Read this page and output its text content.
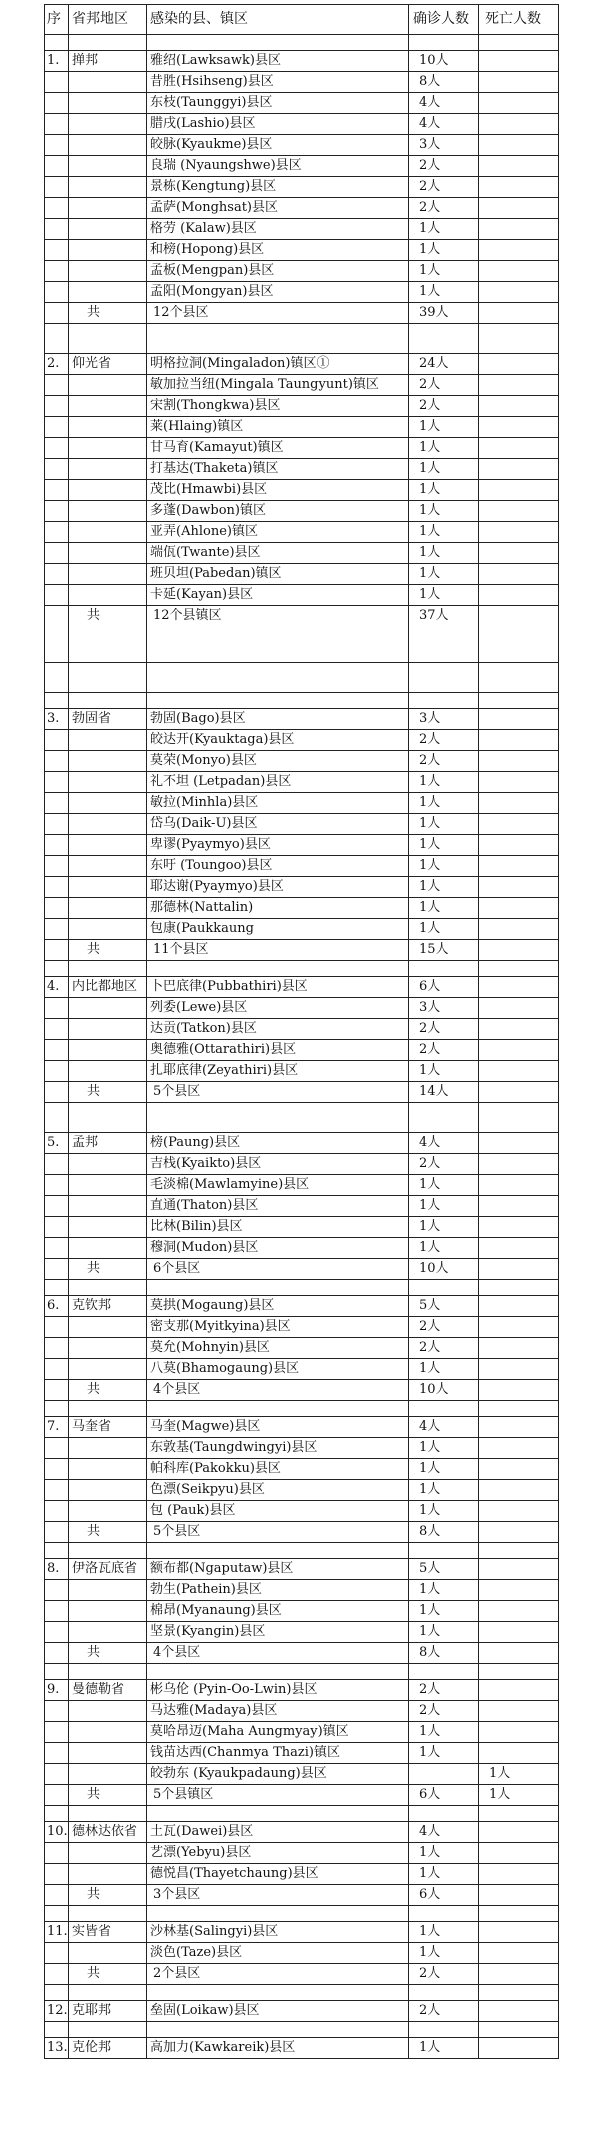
序	省邦地区	感染的县、镇区	确诊人数	死亡人数

1.	掸邦	雅绍(Lawksawk)县区	10人	
		昔胜(Hsihseng)县区	8人	
		东枝(Taunggyi)县区	4人	
		腊戌(Lashio)县区	4人	
		皎脉(Kyaukme)县区	3人	
		良瑞 (Nyaungshwe)县区	2人	
		景栋(Kengtung)县区	2人	
		孟萨(Monghsat)县区	2人	
		格劳 (Kalaw)县区	1人	
		和榜(Hopong)县区	1人	
		孟板(Mengpan)县区	1人	
		孟阳(Mongyan)县区	1人	
	共	12个县区	39人	

2.	仰光省	明格拉洞(Mingaladon)镇区①	24人	
		敏加拉当纽(Mingala Taungyunt)镇区	2人	
		宋割(Thongkwa)县区	2人	
		莱(Hlaing)镇区	1人	
		甘马育(Kamayut)镇区	1人	
		打基达(Thaketa)镇区	1人	
		茂比(Hmawbi)县区	1人	
		多蓬(Dawbon)镇区	1人	
		亚弄(Ahlone)镇区	1人	
		端佤(Twante)县区	1人	
		班贝坦(Pabedan)镇区	1人	
		卡延(Kayan)县区	1人	
	共	12个县镇区	37人	

3.	勃固省	勃固(Bago)县区	3人	
		皎达开(Kyauktaga)县区	2人	
		莫荣(Monyo)县区	2人	
		礼不坦 (Letpadan)县区	1人	
		敏拉(Minhla)县区	1人	
		岱乌(Daik-U)县区	1人	
		卑谬(Pyaymyo)县区	1人	
		东吁 (Toungoo)县区	1人	
		耶达谢(Pyaymyo)县区	1人	
		那德林(Nattalin)	1人	
		包康(Paukkaung	1人	
	共	11个县区	15人	

4.	内比都地区	卜巴底律(Pubbathiri)县区	6人	
		列委(Lewe)县区	3人	
		达贡(Tatkon)县区	2人	
		奥德雅(Ottarathiri)县区	2人	
		扎耶底律(Zeyathiri)县区	1人	
	共	5个县区	14人	

5.	孟邦	榜(Paung)县区	4人	
		吉栈(Kyaikto)县区	2人	
		毛淡棉(Mawlamyine)县区	1人	
		直通(Thaton)县区	1人	
		比林(Bilin)县区	1人	
		穆洞(Mudon)县区	1人	
	共	6个县区	10人	

6.	克钦邦	莫拱(Mogaung)县区	5人	
		密支那(Myitkyina)县区	2人	
		莫允(Mohnyin)县区	2人	
		八莫(Bhamogaung)县区	1人	
	共	4个县区	10人	

7.	马奎省	马奎(Magwe)县区	4人	
		东敦基(Taungdwingyi)县区	1人	
		帕科库(Pakokku)县区	1人	
		色漂(Seikpyu)县区	1人	
		包 (Pauk)县区	1人	
	共	5个县区	8人	

8.	伊洛瓦底省	额布都(Ngaputaw)县区	5人	
		勃生(Pathein)县区	1人	
		棉昂(Myanaung)县区	1人	
		坚景(Kyangin)县区	1人	
	共	4个县区	8人	

9.	曼德勒省	彬乌伦 (Pyin-Oo-Lwin)县区	2人	
		马达雅(Madaya)县区	2人	
		莫哈昂迈(Maha Aungmyay)镇区	1人	
		钱苗达西(Chanmya Thazi)镇区	1人	
		皎勃东 (Kyaukpadaung)县区		1人
	共	5个县镇区	6人	1人

10.	德林达依省	土瓦(Dawei)县区	4人	
		艺漂(Yebyu)县区	1人	
		德悦昌(Thayetchaung)县区	1人	
	共	3个县区	6人	

11.	实皆省	沙林基(Salingyi)县区	1人	
		淡色(Taze)县区	1人	
	共	2个县区	2人	

12.	克耶邦	垒固(Loikaw)县区	2人	

13.	克伦邦	高加力(Kawkareik)县区	1人	
